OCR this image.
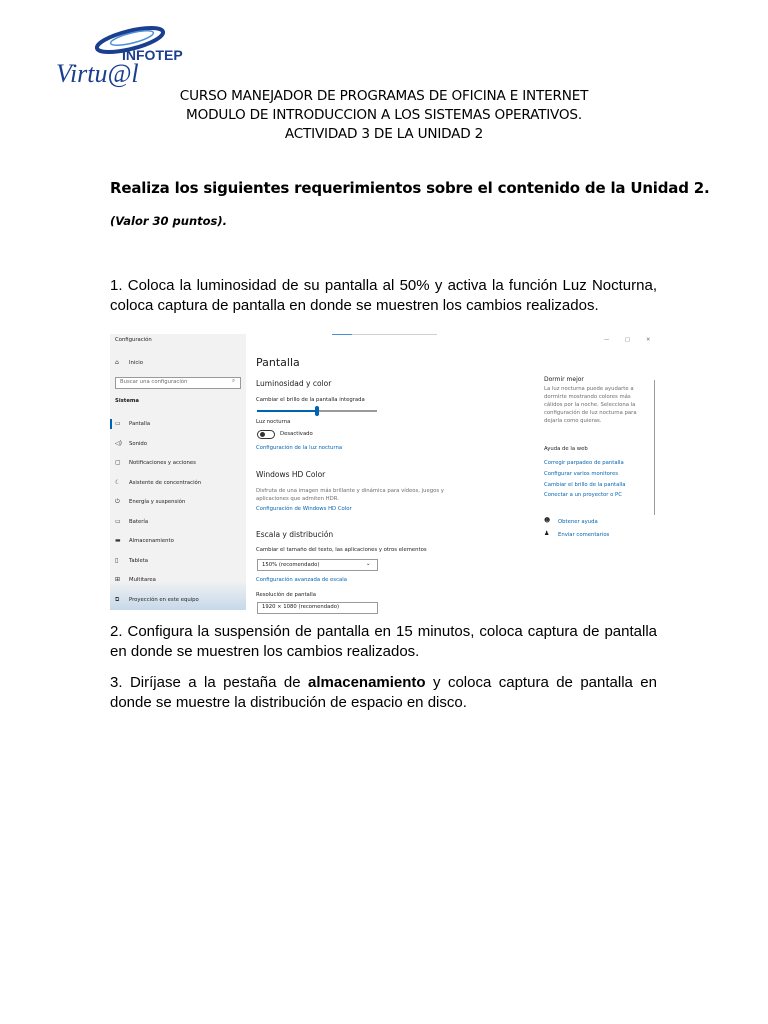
INFOTEP
Virtu@l
CURSO MANEJADOR DE PROGRAMAS DE OFICINA E INTERNET
MODULO DE INTRODUCCION A LOS SISTEMAS OPERATIVOS.
ACTIVIDAD 3 DE LA UNIDAD 2
Realiza los siguientes requerimientos sobre el contenido de la Unidad 2.
(Valor 30 puntos).
1. Coloca la luminosidad de su pantalla al 50% y activa la función Luz Nocturna, coloca captura de pantalla en donde se muestren los cambios realizados.
Configuración
⌂ Inicio
Buscar una configuración	⌕
Sistema
▭ Pantalla
◁) Sonido
▢ Notificaciones y acciones
☾ Asistente de concentración
⏻ Energía y suspensión
▭ Batería
▬ Almacenamiento
▯ Tableta
⊞ Multitarea
⧉ Proyección en este equipo
—	□	✕
Pantalla
Luminosidad y color
Cambiar el brillo de la pantalla integrada
Luz nocturna
Desactivado
Configuración de la luz nocturna
Windows HD Color
Disfruta de una imagen más brillante y dinámica para vídeos, juegos y
aplicaciones que admiten HDR.
Configuración de Windows HD Color
Escala y distribución
Cambiar el tamaño del texto, las aplicaciones y otros elementos
150% (recomendado)	⌄
Configuración avanzada de escala
Resolución de pantalla
1920 × 1080 (recomendado)
Dormir mejor
La luz nocturna puede ayudarte a
dormirte mostrando colores más
cálidos por la noche. Selecciona la
configuración de luz nocturna para
dejarla como quieras.
Ayuda de la web
Corregir parpadeo de pantalla
Configurar varios monitores
Cambiar el brillo de la pantalla
Conectar a un proyector o PC
☻ Obtener ayuda
♟ Enviar comentarios
2. Configura la suspensión de pantalla en 15 minutos, coloca captura de pantalla en donde se muestren los cambios realizados.
3. Diríjase a la pestaña de almacenamiento y coloca captura de pantalla en donde se muestre la distribución de espacio en disco.
